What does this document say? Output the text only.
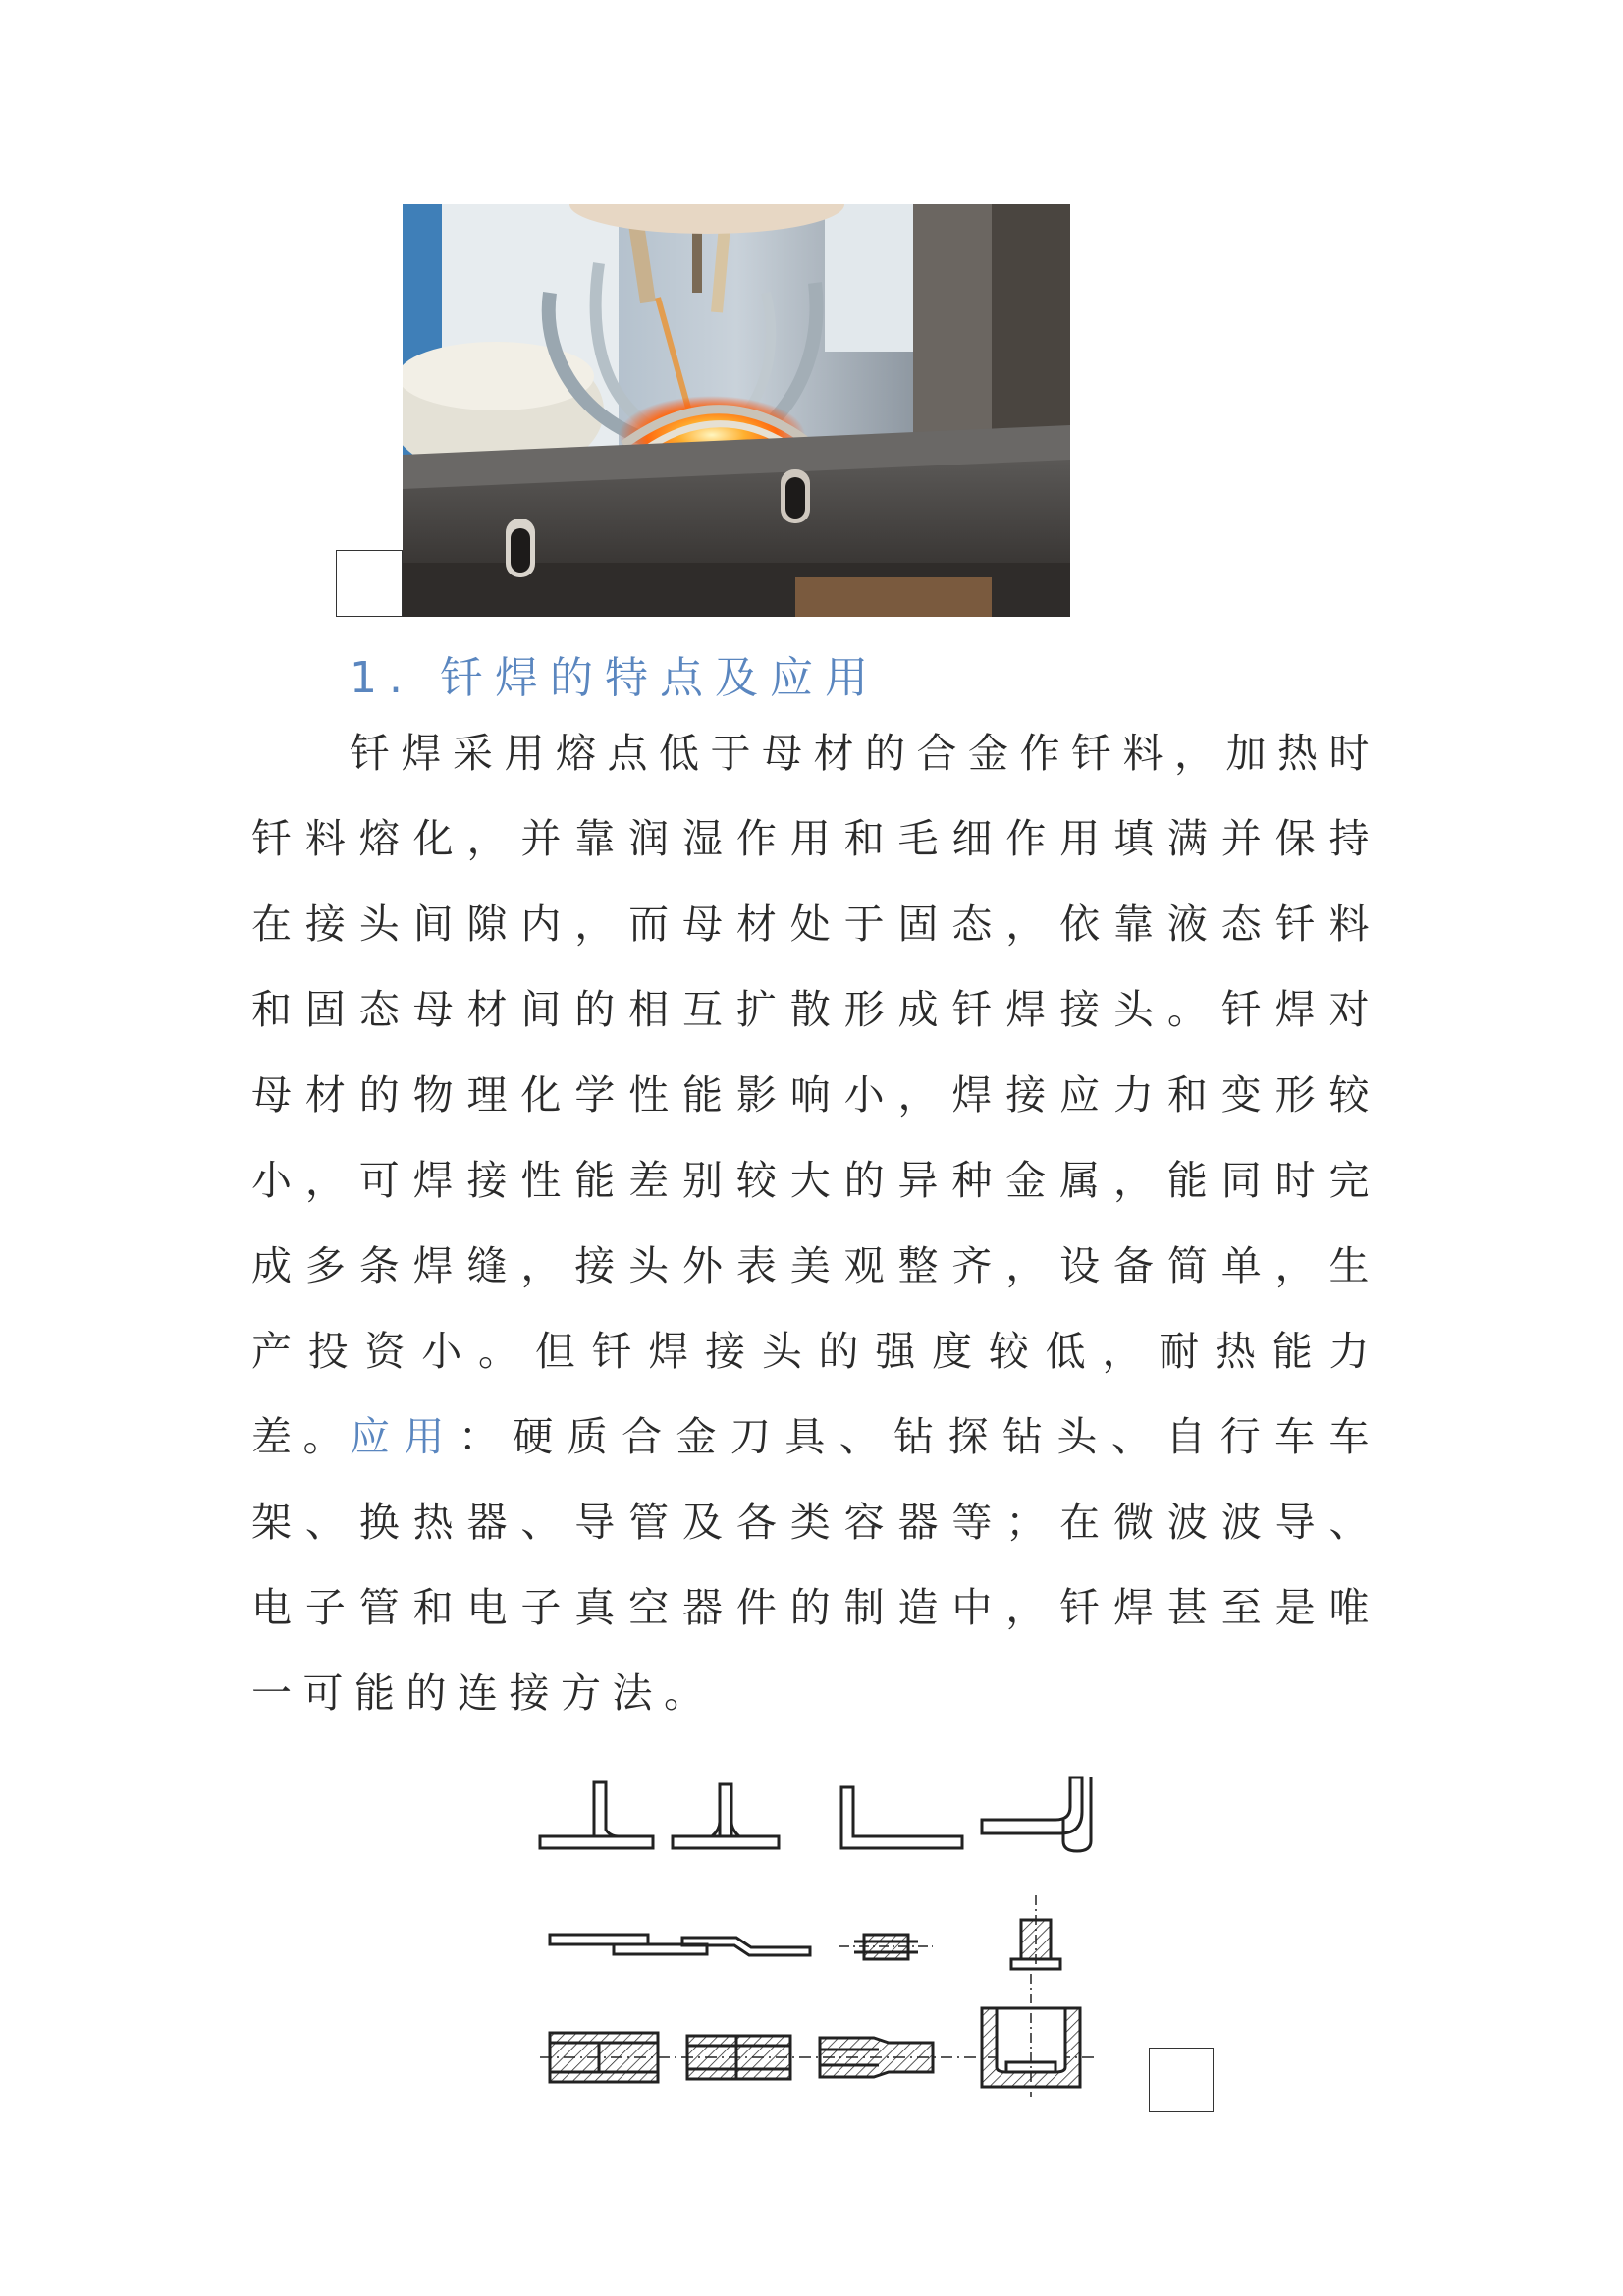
1. 钎焊的特点及应用

钎焊采用熔点低于母材的合金作钎料，加热时钎料熔化，并靠润湿作用和毛细作用填满并保持在接头间隙内，而母材处于固态，依靠液态钎料和固态母材间的相互扩散形成钎焊接头。钎焊对母材的物理化学性能影响小，焊接应力和变形较小，可焊接性能差别较大的异种金属，能同时完成多条焊缝，接头外表美观整齐，设备简单，生产投资小。但钎焊接头的强度较低，耐热能力差。

应用：硬质合金刀具、钻探钻头、自行车车架、换热器、导管及各类容器等；在微波波导、电子管和电子真空器件的制造中，钎焊甚至是唯一可能的连接方法。
